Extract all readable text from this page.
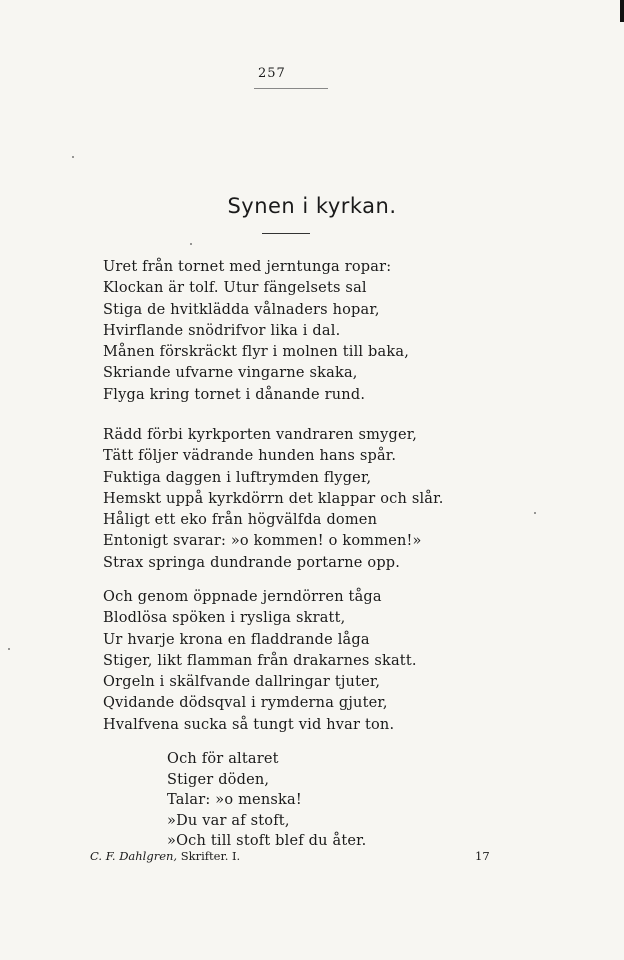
257
Synen i kyrkan.
Uret från tornet med jerntunga ropar:
Klockan är tolf. Utur fängelsets sal
Stiga de hvitklädda vålnaders hopar,
Hvirflande snödrifvor lika i dal.
Månen förskräckt flyr i molnen till baka,
Skriande ufvarne vingarne skaka,
Flyga kring tornet i dånande rund.
Rädd förbi kyrkporten vandraren smyger,
Tätt följer vädrande hunden hans spår.
Fuktiga daggen i luftrymden flyger,
Hemskt uppå kyrkdörrn det klappar och slår.
Håligt ett eko från högvälfda domen
Entonigt svarar: »o kommen! o kommen!»
Strax springa dundrande portarne opp.
Och genom öppnade jerndörren tåga
Blodlösa spöken i rysliga skratt,
Ur hvarje krona en fladdrande låga
Stiger, likt flamman från drakarnes skatt.
Orgeln i skälfvande dallringar tjuter,
Qvidande dödsqval i rymderna gjuter,
Hvalfvena sucka så tungt vid hvar ton.
Och för altaret
Stiger döden,
Talar: »o menska!
»Du var af stoft,
»Och till stoft blef du åter.
C. F. Dahlgren, Skrifter. I.	17
